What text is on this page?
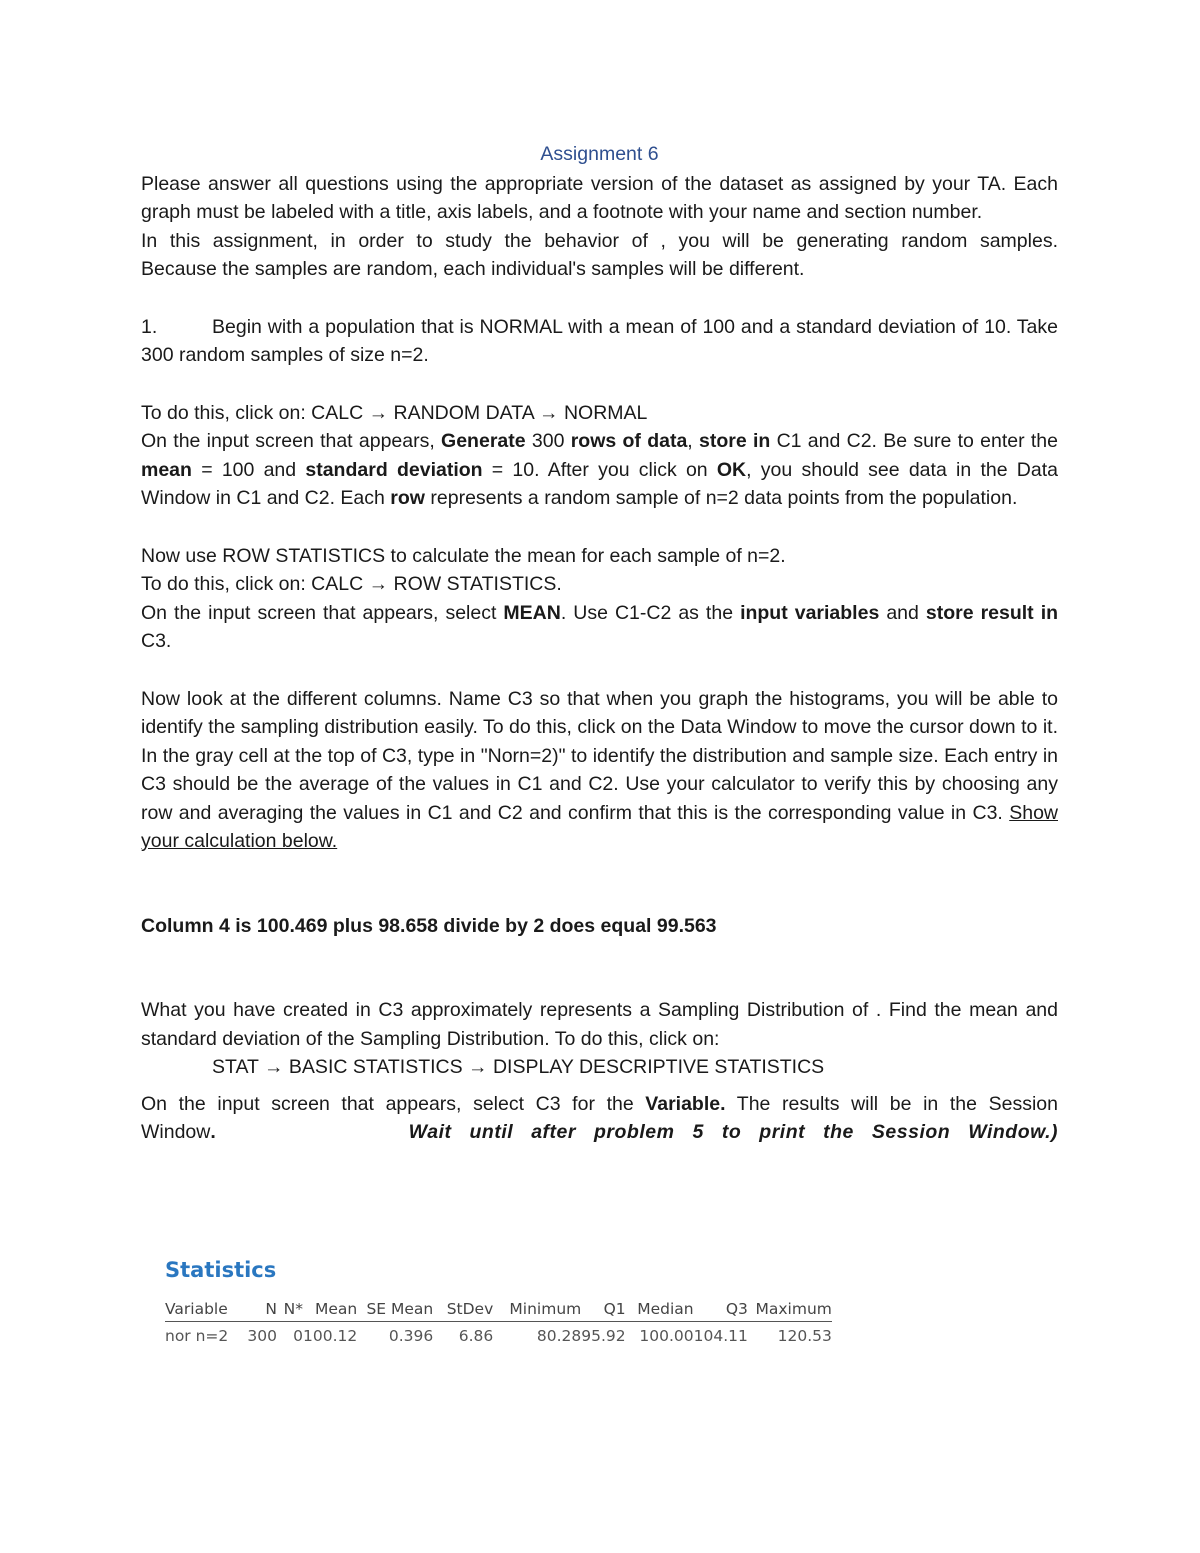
Assignment 6

Please answer all questions using the appropriate version of the dataset as assigned by your TA. Each graph must be labeled with a title, axis labels, and a footnote with your name and section number.

In this assignment, in order to study the behavior of , you will be generating random samples.

Because the samples are random, each individual's samples will be different.

1.	Begin with a population that is NORMAL with a mean of 100 and a standard deviation of 10. Take 300 random samples of size n=2.

To do this, click on: CALC → RANDOM DATA → NORMAL

On the input screen that appears, Generate 300 rows of data, store in C1 and C2. Be sure to enter the mean = 100 and standard deviation = 10. After you click on OK, you should see data in the Data Window in C1 and C2. Each row represents a random sample of n=2 data points from the population.

Now use ROW STATISTICS to calculate the mean for each sample of n=2.

To do this, click on: CALC → ROW STATISTICS.

On the input screen that appears, select MEAN. Use C1-C2 as the input variables and store result in C3.

Now look at the different columns. Name C3 so that when you graph the histograms, you will be able to identify the sampling distribution easily. To do this, click on the Data Window to move the cursor down to it. In the gray cell at the top of C3, type in "Norn=2)" to identify the distribution and sample size. Each entry in C3 should be the average of the values in C1 and C2. Use your calculator to verify this by choosing any row and averaging the values in C1 and C2 and confirm that this is the corresponding value in C3. Show your calculation below.

Column 4 is 100.469 plus 98.658 divide by 2 does equal 99.563

What you have created in C3 approximately represents a Sampling Distribution of . Find the mean and standard deviation of the Sampling Distribution. To do this, click on:

STAT → BASIC STATISTICS → DISPLAY DESCRIPTIVE STATISTICS

On the input screen that appears, select C3 for the Variable. The results will be in the Session Window.	Wait until after problem 5 to print the Session Window.)

Statistics

Variable	N	N*	Mean	SE Mean	StDev	Minimum	Q1	Median	Q3	Maximum
nor n=2	300	0	100.12	0.396	6.86	80.28	95.92	100.00	104.11	120.53
